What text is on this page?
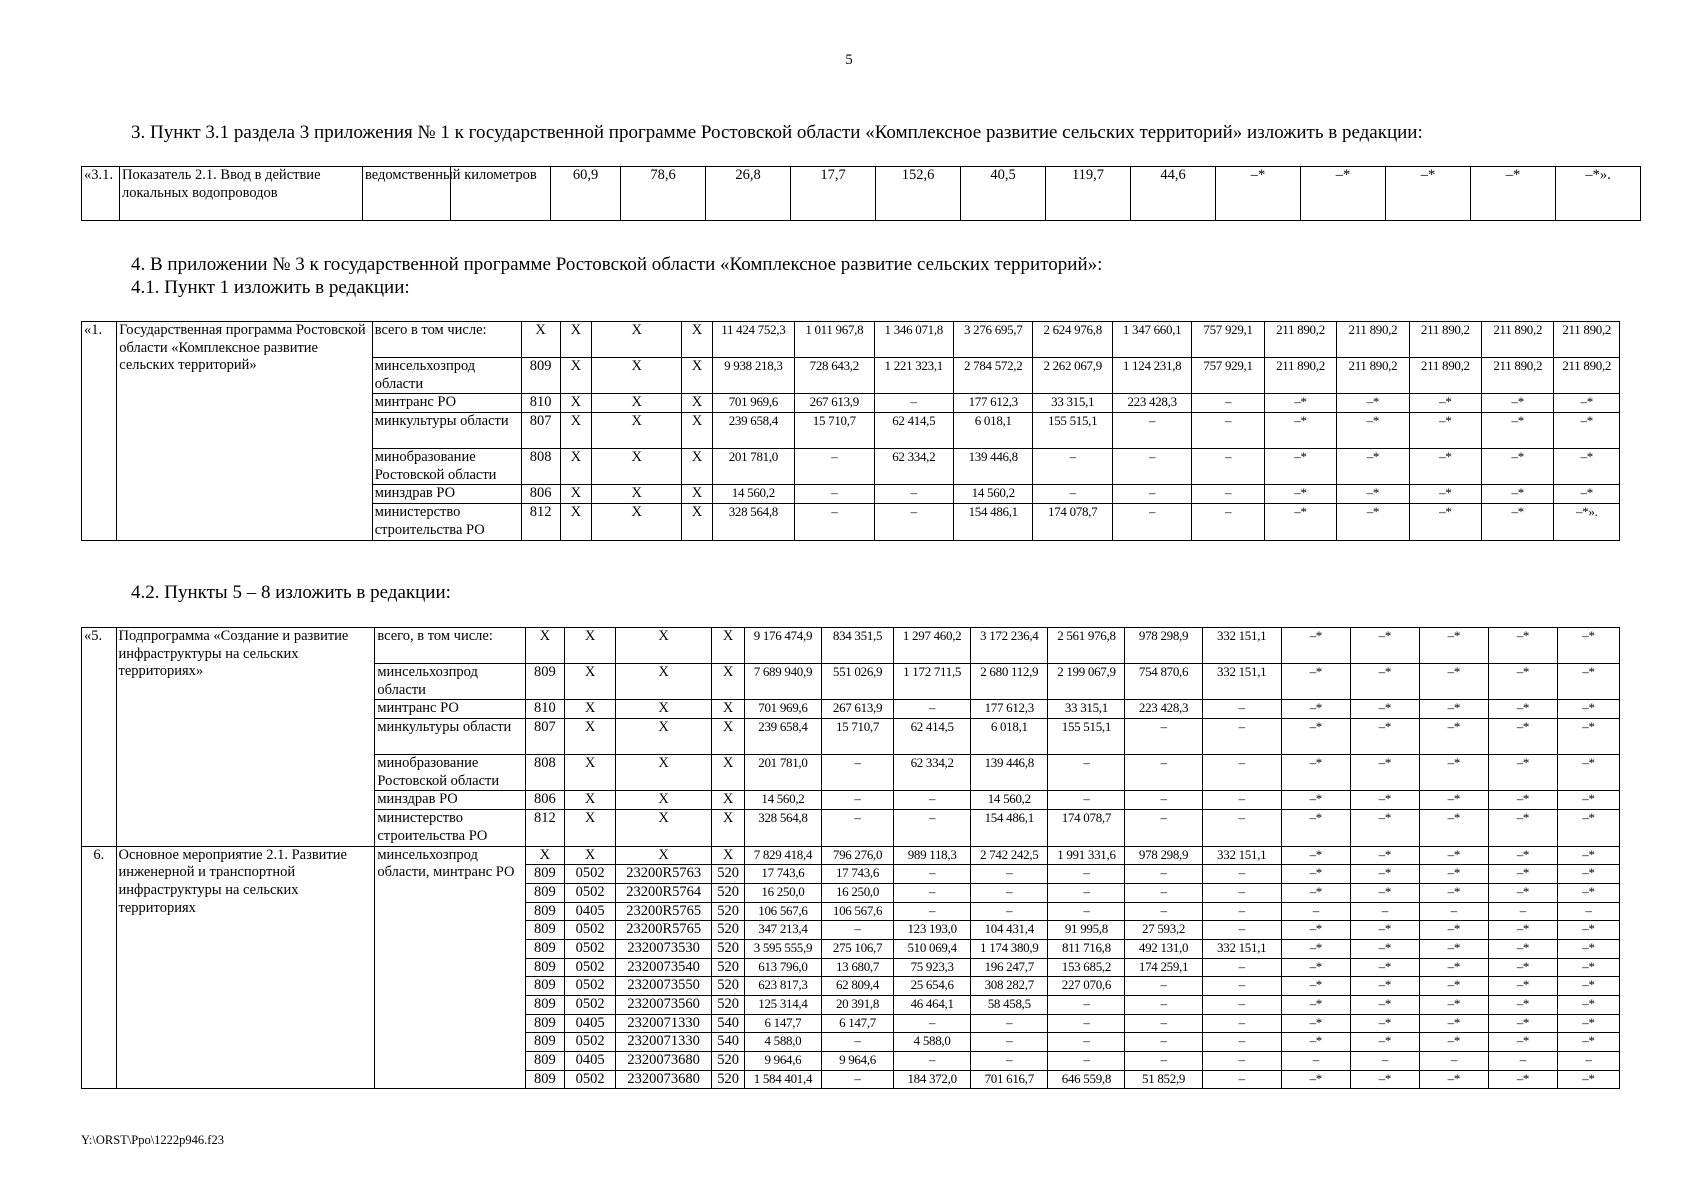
5
3. Пункт 3.1 раздела 3 приложения № 1 к государственной программе Ростовской области «Комплексное развитие сельских территорий» изложить в редакции:
«3.1.	Показатель 2.1. Ввод в действие локальных водопроводов	ведомственный	километров	60,9	78,6	26,8	17,7	152,6	40,5	119,7	44,6	–*	–*	–*	–*	–*».
4. В приложении № 3 к государственной программе Ростовской области «Комплексное развитие сельских территорий»:
4.1. Пункт 1 изложить в редакции:
«1.	Государственная программа Ростовской области «Комплексное развитие сельских территорий»	всего в том числе:	X	X	X	X	11 424 752,3	1 011 967,8	1 346 071,8	3 276 695,7	2 624 976,8	1 347 660,1	757 929,1	211 890,2	211 890,2	211 890,2	211 890,2	211 890,2
		минсельхозпрод области	809	X	X	X	9 938 218,3	728 643,2	1 221 323,1	2 784 572,2	2 262 067,9	1 124 231,8	757 929,1	211 890,2	211 890,2	211 890,2	211 890,2	211 890,2
		минтранс РО	810	X	X	X	701 969,6	267 613,9	–	177 612,3	33 315,1	223 428,3	–	–*	–*	–*	–*	–*
		минкультуры области	807	X	X	X	239 658,4	15 710,7	62 414,5	6 018,1	155 515,1	–	–	–*	–*	–*	–*	–*
		минобразование Ростовской области	808	X	X	X	201 781,0	–	62 334,2	139 446,8	–	–	–	–*	–*	–*	–*	–*
		минздрав РО	806	X	X	X	14 560,2	–	–	14 560,2	–	–	–	–*	–*	–*	–*	–*
		министерство строительства РО	812	X	X	X	328 564,8	–	–	154 486,1	174 078,7	–	–	–*	–*	–*	–*	–*».
4.2. Пункты 5 – 8 изложить в редакции:
«5.	Подпрограмма «Создание и развитие инфраструктуры на сельских территориях»	всего, в том числе:	X	X	X	X	9 176 474,9	834 351,5	1 297 460,2	3 172 236,4	2 561 976,8	978 298,9	332 151,1	–*	–*	–*	–*	–*
		минсельхозпрод области	809	X	X	X	7 689 940,9	551 026,9	1 172 711,5	2 680 112,9	2 199 067,9	754 870,6	332 151,1	–*	–*	–*	–*	–*
		минтранс РО	810	X	X	X	701 969,6	267 613,9	–	177 612,3	33 315,1	223 428,3	–	–*	–*	–*	–*	–*
		минкультуры области	807	X	X	X	239 658,4	15 710,7	62 414,5	6 018,1	155 515,1	–	–	–*	–*	–*	–*	–*
		минобразование Ростовской области	808	X	X	X	201 781,0	–	62 334,2	139 446,8	–	–	–	–*	–*	–*	–*	–*
		минздрав РО	806	X	X	X	14 560,2	–	–	14 560,2	–	–	–	–*	–*	–*	–*	–*
		министерство строительства РО	812	X	X	X	328 564,8	–	–	154 486,1	174 078,7	–	–	–*	–*	–*	–*	–*
6.	Основное мероприятие 2.1. Развитие инженерной и транспортной инфраструктуры на сельских территориях	минсельхозпрод области, минтранс РО	X	X	X	X	7 829 418,4	796 276,0	989 118,3	2 742 242,5	1 991 331,6	978 298,9	332 151,1	–*	–*	–*	–*	–*
			809	0502	23200R5763	520	17 743,6	17 743,6	–	–	–	–	–	–*	–*	–*	–*	–*
			809	0502	23200R5764	520	16 250,0	16 250,0	–	–	–	–	–	–*	–*	–*	–*	–*
			809	0405	23200R5765	520	106 567,6	106 567,6	–	–	–	–	–	–	–	–	–	–
			809	0502	23200R5765	520	347 213,4	–	123 193,0	104 431,4	91 995,8	27 593,2	–	–*	–*	–*	–*	–*
			809	0502	2320073530	520	3 595 555,9	275 106,7	510 069,4	1 174 380,9	811 716,8	492 131,0	332 151,1	–*	–*	–*	–*	–*
			809	0502	2320073540	520	613 796,0	13 680,7	75 923,3	196 247,7	153 685,2	174 259,1	–	–*	–*	–*	–*	–*
			809	0502	2320073550	520	623 817,3	62 809,4	25 654,6	308 282,7	227 070,6	–	–	–*	–*	–*	–*	–*
			809	0502	2320073560	520	125 314,4	20 391,8	46 464,1	58 458,5	–	–	–	–*	–*	–*	–*	–*
			809	0405	2320071330	540	6 147,7	6 147,7	–	–	–	–	–	–*	–*	–*	–*	–*
			809	0502	2320071330	540	4 588,0	–	4 588,0	–	–	–	–	–*	–*	–*	–*	–*
			809	0405	2320073680	520	9 964,6	9 964,6	–	–	–	–	–	–	–	–	–	–
			809	0502	2320073680	520	1 584 401,4	–	184 372,0	701 616,7	646 559,8	51 852,9	–	–*	–*	–*	–*	–*
Y:\ORST\Ppo\1222p946.f23
